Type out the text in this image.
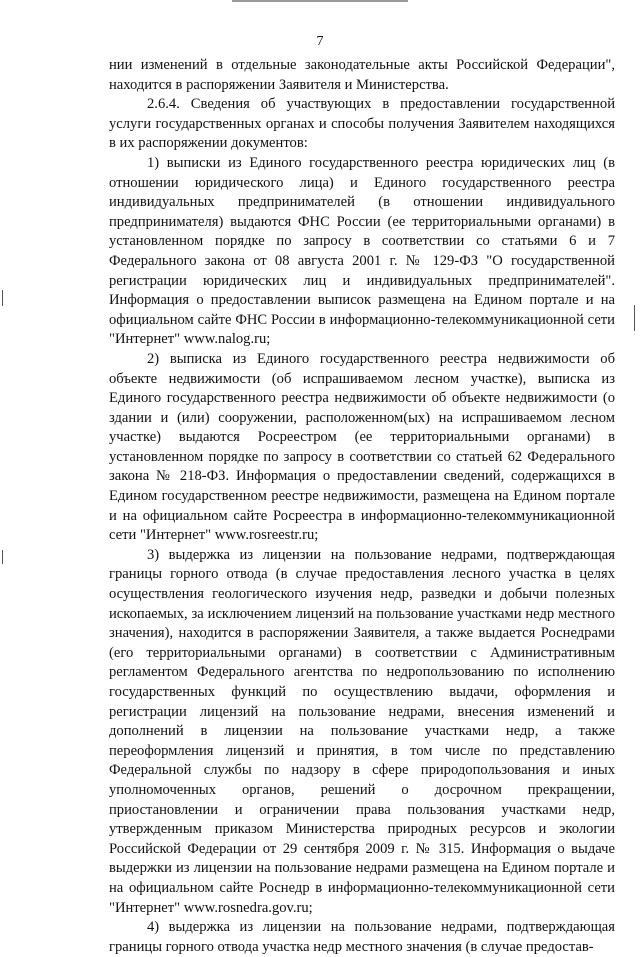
7

нии изменений в отдельные законодательные акты Российской Федерации", находится в распоряжении Заявителя и Министерства.

2.6.4. Сведения об участвующих в предоставлении государственной услуги государственных органах и способы получения Заявителем находящихся в их распоряжении документов:

1) выписки из Единого государственного реестра юридических лиц (в отношении юридического лица) и Единого государственного реестра индивидуальных предпринимателей (в отношении индивидуального предпринимателя) выдаются ФНС России (ее территориальными органами) в установленном порядке по запросу в соответствии со статьями 6 и 7 Федерального закона от 08 августа 2001 г. № 129-ФЗ "О государственной регистрации юридических лиц и индивидуальных предпринимателей". Информация о предоставлении выписок размещена на Едином портале и на официальном сайте ФНС России в информационно-телекоммуникационной сети "Интернет" www.nalog.ru;

2) выписка из Единого государственного реестра недвижимости об объекте недвижимости (об испрашиваемом лесном участке), выписка из Единого государственного реестра недвижимости об объекте недвижимости (о здании и (или) сооружении, расположенном(ых) на испрашиваемом лесном участке) выдаются Росреестром (ее территориальными органами) в установленном порядке по запросу в соответствии со статьей 62 Федерального закона № 218-ФЗ. Информация о предоставлении сведений, содержащихся в Едином государственном реестре недвижимости, размещена на Едином портале и на официальном сайте Росреестра в информационно-телекоммуникационной сети "Интернет" www.rosreestr.ru;

3) выдержка из лицензии на пользование недрами, подтверждающая границы горного отвода (в случае предоставления лесного участка в целях осуществления геологического изучения недр, разведки и добычи полезных ископаемых, за исключением лицензий на пользование участками недр местного значения), находится в распоряжении Заявителя, а также выдается Роснедрами (его территориальными органами) в соответствии с Административным регламентом Федерального агентства по недропользованию по исполнению государственных функций по осуществлению выдачи, оформления и регистрации лицензий на пользование недрами, внесения изменений и дополнений в лицензии на пользование участками недр, а также переоформления лицензий и принятия, в том числе по представлению Федеральной службы по надзору в сфере природопользования и иных уполномоченных органов, решений о досрочном прекращении, приостановлении и ограничении права пользования участками недр, утвержденным приказом Министерства природных ресурсов и экологии Российской Федерации от 29 сентября 2009 г. № 315. Информация о выдаче выдержки из лицензии на пользование недрами размещена на Едином портале и на официальном сайте Роснедр в информационно-телекоммуникационной сети "Интернет" www.rosnedra.gov.ru;

4) выдержка из лицензии на пользование недрами, подтверждающая границы горного отвода участка недр местного значения (в случае предостав-
